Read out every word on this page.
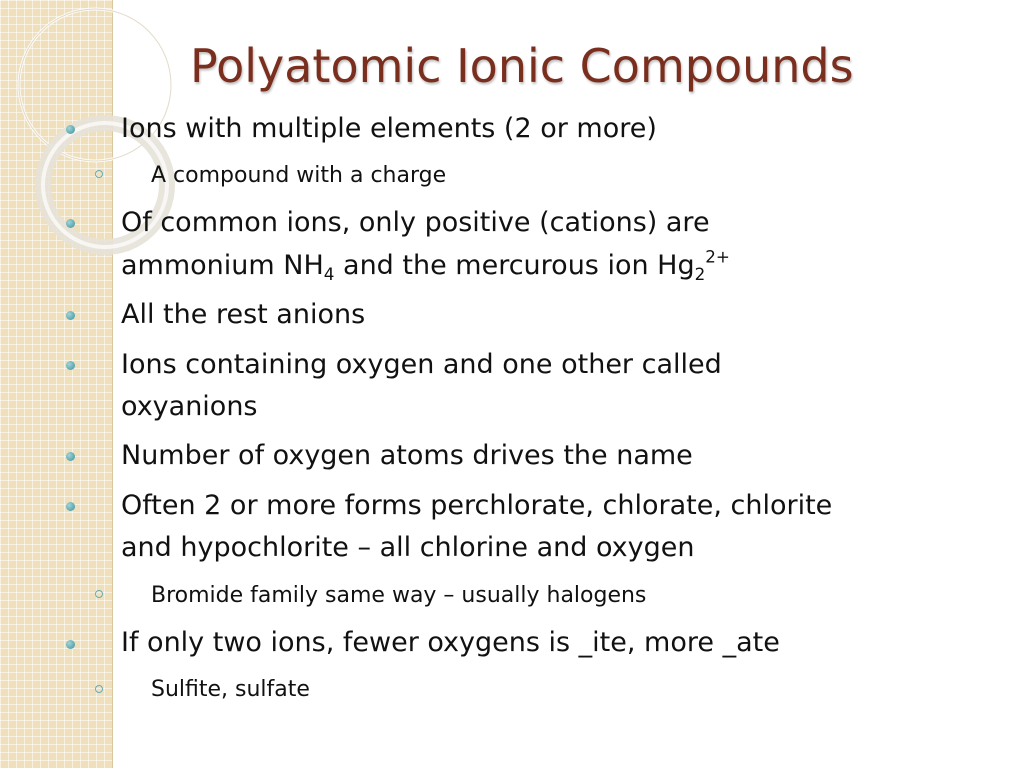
Polyatomic Ionic Compounds

Ions with multiple elements (2 or more)

A compound with a charge

Of common ions, only positive (cations) are

ammonium $NH_4$ and the mercurous ion $Hg_2^{2+}$

All the rest anions

Ions containing oxygen and one other called

oxyanions

Number of oxygen atoms drives the name

Often 2 or more forms perchlorate, chlorate, chlorite

and hypochlorite – all chlorine and oxygen

Bromide family same way – usually halogens

If only two ions, fewer oxygens is _ite, more _ate

Sulfite, sulfate
